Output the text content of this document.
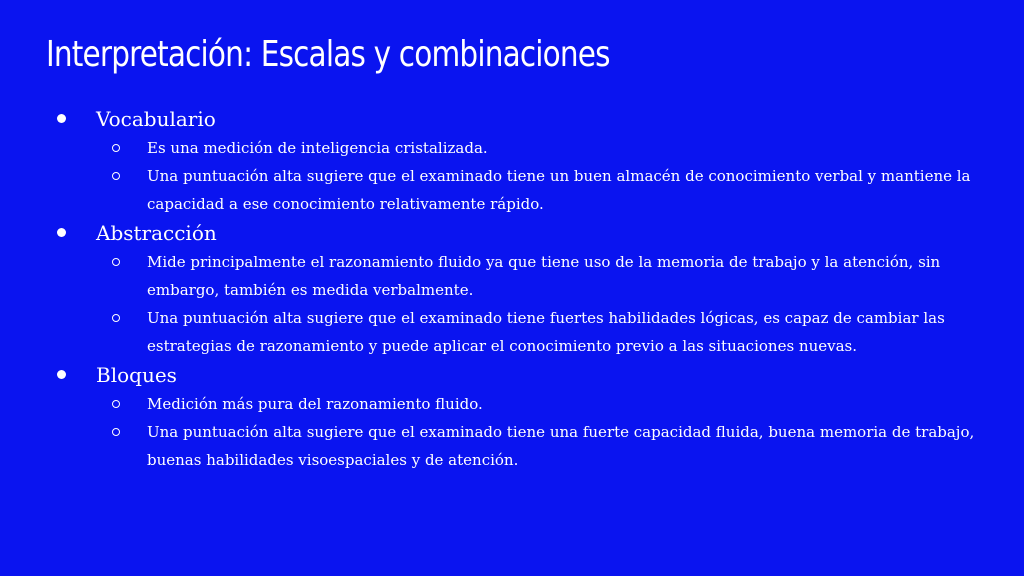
Interpretación: Escalas y combinaciones
Vocabulario
Es una medición de inteligencia cristalizada.
Una puntuación alta sugiere que el examinado tiene un buen almacén de conocimiento verbal y mantiene la capacidad a ese conocimiento relativamente rápido.
Abstracción
Mide principalmente el razonamiento fluido ya que tiene uso de la memoria de trabajo y la atención, sin embargo, también es medida verbalmente.
Una puntuación alta sugiere que el examinado tiene fuertes habilidades lógicas, es capaz de cambiar las estrategias de razonamiento y puede aplicar el conocimiento previo a las situaciones nuevas.
Bloques
Medición más pura del razonamiento fluido.
Una puntuación alta sugiere que el examinado tiene una fuerte capacidad fluida, buena memoria de trabajo, buenas habilidades visoespaciales y de atención.
